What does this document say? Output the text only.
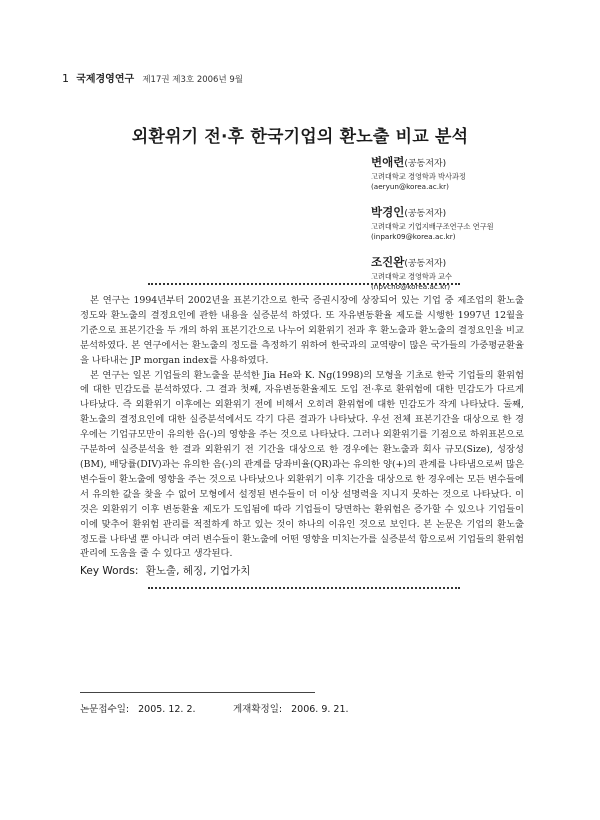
1 국제경영연구 제17권 제3호 2006년 9월
외환위기 전·후 한국기업의 환노출 비교 분석
변애련(공동저자)
고려대학교 경영학과 박사과정
(aeryun@korea.ac.kr)
박경인(공동저자)
고려대학교 기업지배구조연구소 연구원
(inpark09@korea.ac.kr)
조진완(공동저자)
고려대학교 경영학과 교수
(npvcho@korea.ac.kr)

본 연구는 1994년부터 2002년을 표본기간으로 한국 증권시장에 상장되어 있는 기업 중 제조업의 환노출 정도와 환노출의 결정요인에 관한 내용을 실증분석 하였다. 또 자유변동환율 제도를 시행한 1997년 12월을 기준으로 표본기간을 두 개의 하위 표본기간으로 나누어 외환위기 전과 후 환노출과 환노출의 결정요인을 비교 분석하였다. 본 연구에서는 환노출의 정도를 측정하기 위하여 한국과의 교역량이 많은 국가들의 가중평균환율을 나타내는 JP morgan index를 사용하였다.

본 연구는 일본 기업들의 환노출을 분석한 Jia He와 K. Ng(1998)의 모형을 기초로 한국 기업들의 환위험에 대한 민감도를 분석하였다. 그 결과 첫째, 자유변동환율제도 도입 전·후로 환위험에 대한 민감도가 다르게 나타났다. 즉 외환위기 이후에는 외환위기 전에 비해서 오히려 환위험에 대한 민감도가 작게 나타났다. 둘째, 환노출의 결정요인에 대한 실증분석에서도 각기 다른 결과가 나타났다. 우선 전체 표본기간을 대상으로 한 경우에는 기업규모만이 유의한 음(-)의 영향을 주는 것으로 나타났다. 그러나 외환위기를 기점으로 하위표본으로 구분하여 실증분석을 한 결과 외환위기 전 기간을 대상으로 한 경우에는 환노출과 회사 규모(Size), 성장성(BM), 배당률(DIV)과는 유의한 음(-)의 관계를 당좌비율(QR)과는 유의한 양(+)의 관계를 나타냄으로써 많은 변수들이 환노출에 영향을 주는 것으로 나타났으나 외환위기 이후 기간을 대상으로 한 경우에는 모든 변수들에서 유의한 값을 찾을 수 없어 모형에서 설정된 변수들이 더 이상 설명력을 지니지 못하는 것으로 나타났다. 이것은 외환위기 이후 변동환율 제도가 도입됨에 따라 기업들이 당면하는 환위험은 증가할 수 있으나 기업들이 이에 맞추어 환위험 관리를 적절하게 하고 있는 것이 하나의 이유인 것으로 보인다. 본 논문은 기업의 환노출 정도를 나타낼 뿐 아니라 여러 변수들이 환노출에 어떤 영향을 미치는가를 실증분석 함으로써 기업들의 환위험 관리에 도움을 줄 수 있다고 생각된다.

Key Words: 환노출, 헤징, 기업가치
논문접수일: 2005. 12. 2.	게재확정일: 2006. 9. 21.
